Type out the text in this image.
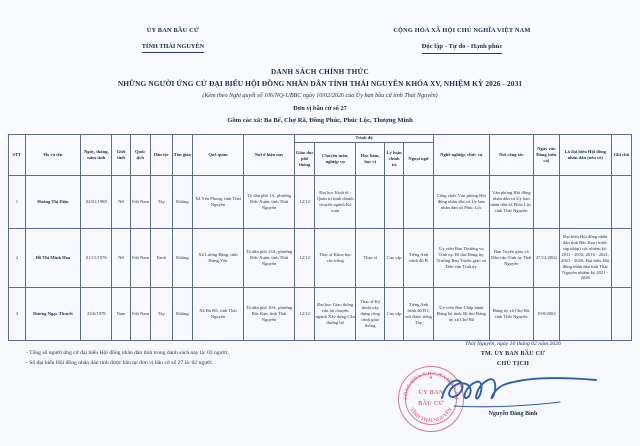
ỦY BAN BẦU CỬ
TỈNH THÁI NGUYÊN
CỘNG HÒA XÃ HỘI CHỦ NGHĨA VIỆT NAM
Độc lập - Tự do - Hạnh phúc
DANH SÁCH CHÍNH THỨC
NHỮNG NGƯỜI ỨNG CỬ ĐẠI BIỂU HỘI ĐỒNG NHÂN DÂN TỈNH THÁI NGUYÊN KHÓA XV, NHIỆM KỲ 2026 - 2031
(Kèm theo Nghị quyết số 106/NQ-UBBC ngày 10/02/2026 của Ủy ban bầu cử tỉnh Thái Nguyên)
Đơn vị bầu cử số 27
Gồm các xã: Ba Bể, Chợ Rã, Đồng Phúc, Phúc Lộc, Thượng Minh
STT	Họ và tên	Ngày, tháng, năm sinh	Giới tính	Quốc tịch	Dân tộc	Tôn giáo	Quê quán	Nơi ở hiện nay	Trình độ					Nghề nghiệp, chức vụ	Nơi công tác	Ngày vào Đảng (nếu có)	Là đại biểu Hội đồng nhân dân (nếu có)	Ghi chú
									Giáo dục phổ thông	Chuyên môn, nghiệp vụ	Học hàm, học vị	Lý luận chính trị	Ngoại ngữ					
1	Hoàng Thị Diệu	02/01/1988	Nữ	Việt Nam	Tày	Không	Xã Yên Phong, tỉnh Thái Nguyên	Tổ dân phố 1A, phường Đức Xuân, tỉnh Thái Nguyên	12/12	Đại học Kinh tế - Quản trị kinh doanh chuyên ngành Kế toán				Công chức Văn phòng Hội đồng nhân dân và Ủy ban nhân dân xã Phúc Lộc	Văn phòng Hội đồng nhân dân và Ủy ban nhân dân xã Phúc Lộc, tỉnh Thái Nguyên			
2	Đỗ Thị Minh Hoa	01/11/1976	Nữ	Việt Nam	Kinh	Không	Xã Lương Bằng, tỉnh Hưng Yên	Tổ dân phố 13A, phường Đức Xuân, tỉnh Thái Nguyên	12/12	Thạc sĩ Khoa học cây trồng	Thạc sĩ	Cao cấp	Tiếng Anh trình độ B	Ủy viên Ban Thường vụ Tỉnh ủy, Bí thư Đảng ủy, Trưởng Ban Tuyên giáo và Dân vận Tỉnh ủy	Ban Tuyên giáo và Dân vận Tỉnh ủy Thái Nguyên	27/12/2002	Đại biểu Hội đồng nhân dân tỉnh Bắc Kạn (trước sáp nhập) các nhiệm kỳ: 2011 - 2016, 2016 - 2021, 2021 - 2026; Đại biểu Hội đồng nhân dân tỉnh Thái Nguyên nhiệm kỳ 2021 - 2026	
3	Dương Ngọc Thuyết	23/6/1978	Nam	Việt Nam	Tày	Không	Xã Đa Đồ, tỉnh Thái Nguyên	Tổ dân phố 10A, phường Bắc Kạn, tỉnh Thái Nguyên	12/12	Đại học Giao thông vận tải chuyên ngành Xây dựng Cầu đường bộ	Thạc sĩ Kỹ thuật xây dựng công trình giao thông	Cao cấp	Tiếng Anh trình độ B1; nói được tiếng Tày	Ủy viên Ban Chấp hành Đảng bộ tỉnh, Bí thư Đảng ủy xã Chợ Rã	Đảng ủy xã Chợ Rã, tỉnh Thái Nguyên	19/8/2004		
- Tổng số người ứng cử đại biểu Hội đồng nhân dân tỉnh trong danh sách này là: 03 người;
- Số đại biểu Hội đồng nhân dân tỉnh được bầu tại đơn vị bầu cử số 27 là: 02 người.
Thái Nguyên, ngày 10 tháng 02 năm 2026
TM. ỦY BAN BẦU CỬ
CHỦ TỊCH
Nguyễn Đăng Bình
CỘNG HÒA X.H.C.N VIỆT NAM
TỈNH THÁI NGUYÊN
★
ỦY BAN
BẦU CỬ
